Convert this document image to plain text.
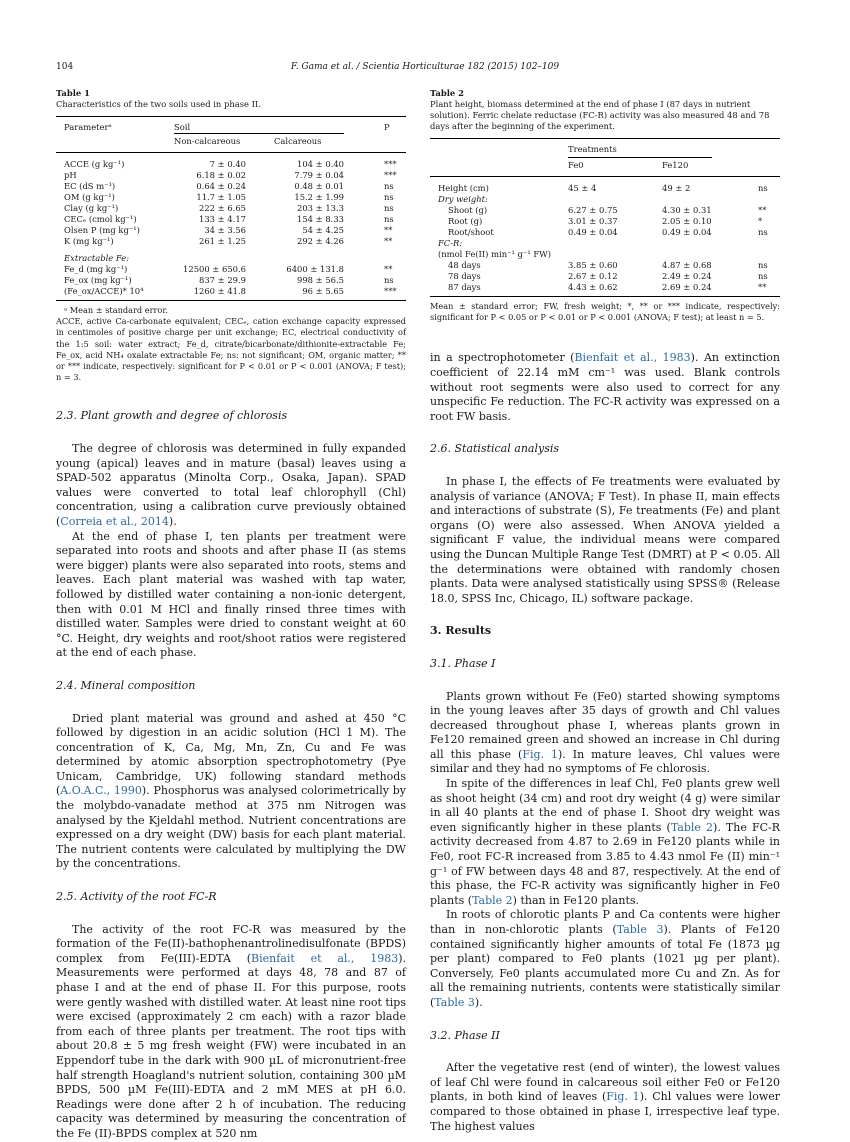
104	F. Gama et al. / Scientia Horticulturae 182 (2015) 102–109
Table 1
Characteristics of the two soils used in phase II.
Parameterᵃ	Soil		P

	Non-calcareous	Calcareous	

ACCE (g kg⁻¹)	7 ± 0.40	104 ± 0.40	***
pH	6.18 ± 0.02	7.79 ± 0.04	***
EC (dS m⁻¹)	0.64 ± 0.24	0.48 ± 0.01	ns
OM (g kg⁻¹)	11.7 ± 1.05	15.2 ± 1.99	ns
Clay (g kg⁻¹)	222 ± 6.65	203 ± 13.3	ns
CECₑ (cmol kg⁻¹)	133 ± 4.17	154 ± 8.33	ns
Olsen P (mg kg⁻¹)	34 ± 3.56	54 ± 4.25	**
K (mg kg⁻¹)	261 ± 1.25	292 ± 4.26	**

Extractable Fe:			
Fe_d (mg kg⁻¹)	12500 ± 650.6	6400 ± 131.8	**
Fe_ox (mg kg⁻¹)	837 ± 29.9	998 ± 56.5	ns
(Fe_ox/ACCE)* 10⁴	1260 ± 41.8	96 ± 5.65	***

ᵃ Mean ± standard error.
ACCE, active Ca-carbonate equivalent; CECₑ, cation exchange capacity expressed in centimoles of positive charge per unit exchange; EC, electrical conductivity of the 1:5 soil: water extract; Fe_d, citrate/bicarbonate/dithionite-extractable Fe; Fe_ox, acid NH₄ oxalate extractable Fe; ns: not significant; OM, organic matter; ** or *** indicate, respectively: significant for P < 0.01 or P < 0.001 (ANOVA; F test); n = 3.
2.3. Plant growth and degree of chlorosis

The degree of chlorosis was determined in fully expanded young (apical) leaves and in mature (basal) leaves using a SPAD-502 apparatus (Minolta Corp., Osaka, Japan). SPAD values were converted to total leaf chlorophyll (Chl) concentration, using a calibration curve previously obtained (Correia et al., 2014).

At the end of phase I, ten plants per treatment were separated into roots and shoots and after phase II (as stems were bigger) plants were also separated into roots, stems and leaves. Each plant material was washed with tap water, followed by distilled water containing a non-ionic detergent, then with 0.01 M HCl and finally rinsed three times with distilled water. Samples were dried to constant weight at 60 °C. Height, dry weights and root/shoot ratios were registered at the end of each phase.

2.4. Mineral composition

Dried plant material was ground and ashed at 450 °C followed by digestion in an acidic solution (HCl 1 M). The concentration of K, Ca, Mg, Mn, Zn, Cu and Fe was determined by atomic absorption spectrophotometry (Pye Unicam, Cambridge, UK) following standard methods (A.O.A.C., 1990). Phosphorus was analysed colorimetrically by the molybdo-vanadate method at 375 nm Nitrogen was analysed by the Kjeldahl method. Nutrient concentrations are expressed on a dry weight (DW) basis for each plant material. The nutrient contents were calculated by multiplying the DW by the concentrations.

2.5. Activity of the root FC-R

The activity of the root FC-R was measured by the formation of the Fe(II)-bathophenantrolinedisulfonate (BPDS) complex from Fe(III)-EDTA (Bienfait et al., 1983). Measurements were performed at days 48, 78 and 87 of phase I and at the end of phase II. For this purpose, roots were gently washed with distilled water. At least nine root tips were excised (approximately 2 cm each) with a razor blade from each of three plants per treatment. The root tips with about 20.8 ± 5 mg fresh weight (FW) were incubated in an Eppendorf tube in the dark with 900 µL of micronutrient-free half strength Hoagland's nutrient solution, containing 300 µM BPDS, 500 µM Fe(III)-EDTA and 2 mM MES at pH 6.0. Readings were done after 2 h of incubation. The reducing capacity was determined by measuring the concentration of the Fe (II)-BPDS complex at 520 nm

Table 2
Plant height, biomass determined at the end of phase I (87 days in nutrient solution). Ferric chelate reductase (FC-R) activity was also measured 48 and 78 days after the beginning of the experiment.
	Treatments		

	Fe0	Fe120	

Height (cm)	45 ± 4	49 ± 2	ns
Dry weight:			
Shoot (g)	6.27 ± 0.75	4.30 ± 0.31	**
Root (g)	3.01 ± 0.37	2.05 ± 0.10	*
Root/shoot	0.49 ± 0.04	0.49 ± 0.04	ns
FC-R:			
(nmol Fe(II) min⁻¹ g⁻¹ FW)			
48 days	3.85 ± 0.60	4.87 ± 0.68	ns
78 days	2.67 ± 0.12	2.49 ± 0.24	ns
87 days	4.43 ± 0.62	2.69 ± 0.24	**

Mean ± standard error; FW, fresh weight; *, ** or *** indicate, respectively: significant for P < 0.05 or P < 0.01 or P < 0.001 (ANOVA; F test); at least n = 5.

in a spectrophotometer (Bienfait et al., 1983). An extinction coefficient of 22.14 mM cm⁻¹ was used. Blank controls without root segments were also used to correct for any unspecific Fe reduction. The FC-R activity was expressed on a root FW basis.

2.6. Statistical analysis

In phase I, the effects of Fe treatments were evaluated by analysis of variance (ANOVA; F Test). In phase II, main effects and interactions of substrate (S), Fe treatments (Fe) and plant organs (O) were also assessed. When ANOVA yielded a significant F value, the individual means were compared using the Duncan Multiple Range Test (DMRT) at P < 0.05. All the determinations were obtained with randomly chosen plants. Data were analysed statistically using SPSS® (Release 18.0, SPSS Inc, Chicago, IL) software package.

3. Results
3.1. Phase I

Plants grown without Fe (Fe0) started showing symptoms in the young leaves after 35 days of growth and Chl values decreased throughout phase I, whereas plants grown in Fe120 remained green and showed an increase in Chl during all this phase (Fig. 1). In mature leaves, Chl values were similar and they had no symptoms of Fe chlorosis.

In spite of the differences in leaf Chl, Fe0 plants grew well as shoot height (34 cm) and root dry weight (4 g) were similar in all 40 plants at the end of phase I. Shoot dry weight was even significantly higher in these plants (Table 2). The FC-R activity decreased from 4.87 to 2.69 in Fe120 plants while in Fe0, root FC-R increased from 3.85 to 4.43 nmol Fe (II) min⁻¹ g⁻¹ of FW between days 48 and 87, respectively. At the end of this phase, the FC-R activity was significantly higher in Fe0 plants (Table 2) than in Fe120 plants.

In roots of chlorotic plants P and Ca contents were higher than in non-chlorotic plants (Table 3). Plants of Fe120 contained significantly higher amounts of total Fe (1873 µg per plant) compared to Fe0 plants (1021 µg per plant). Conversely, Fe0 plants accumulated more Cu and Zn. As for all the remaining nutrients, contents were statistically similar (Table 3).

3.2. Phase II

After the vegetative rest (end of winter), the lowest values of leaf Chl were found in calcareous soil either Fe0 or Fe120 plants, in both kind of leaves (Fig. 1). Chl values were lower compared to those obtained in phase I, irrespective leaf type. The highest values
